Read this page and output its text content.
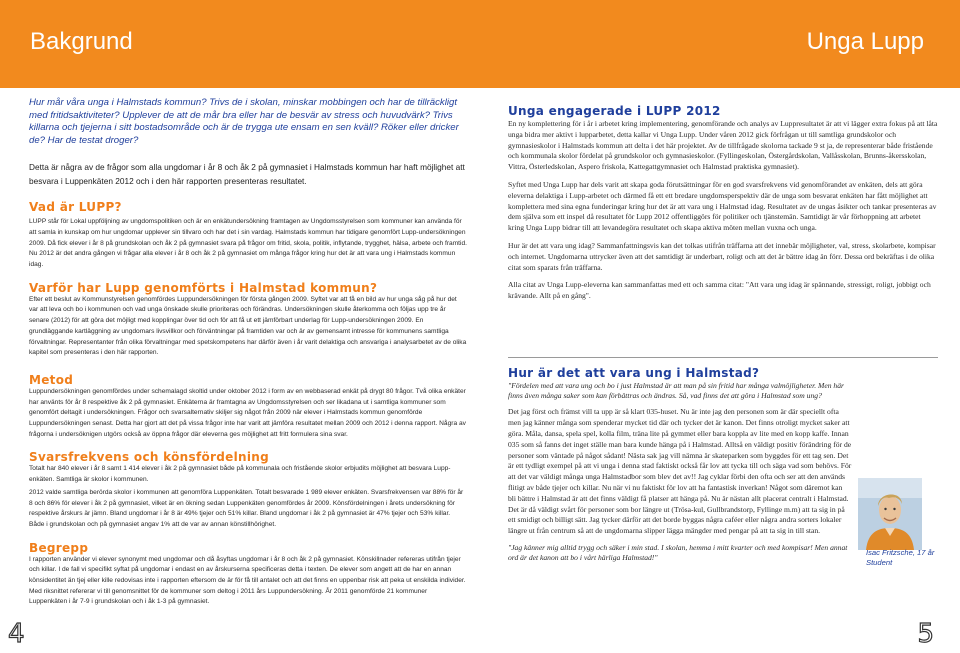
Bakgrund	Unga Lupp

Hur mår våra unga i Halmstads kommun? Trivs de i skolan, minskar mobbingen och har de tillräckligt med fritidsaktiviteter? Upplever de att de mår bra eller har de besvär av stress och huvudvärk? Trivs killarna och tjejerna i sitt bostadsområde och är de trygga ute ensam en sen kväll? Röker eller dricker de? Har de testat droger?

Detta är några av de frågor som alla ungdomar i år 8 och åk 2 på gymnasiet i Halmstads kommun har haft möjlighet att besvara i Luppenkäten 2012 och i den här rapporten presenteras resultatet.

Vad är LUPP?

LUPP står för Lokal uppföljning av ungdomspolitiken och är en enkätundersökning framtagen av Ungdomsstyrelsen som kommuner kan använda för att samla in kunskap om hur ungdomar upplever sin tillvaro och har det i sin vardag. Halmstads kommun har tidigare genomfört Lupp-undersökningen 2009. Då fick elever i år 8 på grundskolan och åk 2 på gymnasiet svara på frågor om fritid, skola, politik, inflytande, trygghet, hälsa, arbete och framtid. Nu 2012 är det andra gången vi frågar alla elever i år 8 och åk 2 på gymnasiet om många frågor kring hur det är att vara ung i Halmstads kommun idag.

Varför har Lupp genomförts i Halmstad kommun?

Efter ett beslut av Kommunstyrelsen genomfördes Luppundersökningen för första gången 2009. Syftet var att få en bild av hur unga såg på hur det var att leva och bo i kommunen och vad unga önskade skulle prioriteras och förändras. Undersökningen skulle återkomma och följas upp tre år senare (2012) för att göra det möjligt med kopplingar över tid och för att få ut ett jämförbart underlag för Lupp-undersökningen 2009. En grundläggande kartläggning av ungdomars livsvillkor och förväntningar på framtiden var och är av gemensamt intresse för kommunens samtliga förvaltningar. Representanter från olika förvaltningar med spetskompetens har därför även i år varit delaktiga och ansvariga i analysarbetet av de olika kapitel som presenteras i den här rapporten.

Metod

Luppundersökningen genomfördes under schemalagd skoltid under oktober 2012 i form av en webbaserad enkät på drygt 80 frågor. Två olika enkäter har använts för år 8 respektive åk 2 på gymnasiet. Enkäterna är framtagna av Ungdomsstyrelsen och ser likadana ut i samtliga kommuner som genomfört deltagit i undersökningen. Frågor och svarsalternativ skiljer sig något från 2009 när elever i Halmstads kommun genomförde Luppundersökningen senast. Detta har gjort att det på vissa frågor inte har varit att jämföra resultatet mellan 2009 och 2012 i denna rapport. Några av frågorna i undersöknigen utgörs också av öppna frågor där eleverna ges möjlighet att fritt formulera sina svar.

Svarsfrekvens och könsfördelning

Totalt har 840 elever i år 8 samt 1 414 elever i åk 2 på gymnasiet både på kommunala och fristående skolor erbjudits möjlighet att besvara Lupp-enkäten. Samtliga är skolor i kommunen.

2012 valde samtliga berörda skolor i kommunen att genomföra Luppenkäten. Totalt besvarade 1 989 elever enkäten. Svarsfrekvensen var 88% för år 8 och 86% för elever i åk 2 på gymnasiet, vilket är en ökning sedan Luppenkäten genomfördes år 2009. Könsfördelningen i årets undersökning för respektive årskurs är jämn. Bland ungdomar i år 8 är 49% tjejer och 51% killar. Bland ungdomar i åk 2 på gymnasiet är 47% tjejer och 53% killar. Både i grundskolan och på gymnasiet angav 1% att de var av annan könstillhörighet.

Begrepp

I rapporten använder vi elever synonymt med ungdomar och då åsyftas ungdomar i år 8 och åk 2 på gymnasiet. Könskillnader refereras utifrån tjejer och killar. I de fall vi specifikt syftat på ungdomar i endast en av årskurserna specificeras detta i texten. De elever som angett att de har en annan könsidentitet än tjej eller kille redovisas inte i rapporten eftersom de är för få till antalet och att det finns en uppenbar risk att peka ut enskilda individer. Med riksnittet refererar vi till genomsnittet för de kommuner som deltog i 2011 års Luppundersökning. År 2011 genomförde 21 kommuner Luppenkäten i år 7-9 i grundskolan och i åk 1-3 på gymnasiet.

Unga engagerade i LUPP 2012

En ny komplettering för i år i arbetet kring implementering, genomförande och analys av Luppresultatet är att vi lägger extra fokus på att låta unga bidra mer aktivt i lupparbetet, detta kallar vi Unga Lupp. Under våren 2012 gick förfrågan ut till samtliga grundskolor och gymnasieskolor i Halmstads kommun att delta i det här projektet. Av de tillfrågade skolorna tackade 9 st ja, de representerar både fristående och kommunala skolor fördelat på grundskolor och gymnasieskolor. (Fyllingeskolan, Östergårdskolan, Vallåsskolan, Brunns-åkersskolan, Vittra, Österledskolan, Aspero friskola, Kattegattgymnasiet och Halmstad praktiska gymnasiet).

Syftet med Unga Lupp har dels varit att skapa goda förutsättningar för en god svarsfrekvens vid genomförandet av enkäten, dels att göra eleverna delaktiga i Lupp-arbetet och därmed få ett ett bredare ungdomsperspektiv där de unga som besvarat enkäten har fått möjlighet att komplettera med sina egna funderingar kring hur det är att vara ung i Halmstad idag. Resultatet av de ungas åsikter och tankar presenteras av dem själva som ett inspel då resultatet för Lupp 2012 offentliggörs för politiker och tjänstemän. Samtidigt är vår förhoppning att arbetet kring Unga Lupp bidrar till att levandegöra resultatet och skapa aktiva möten mellan vuxna och unga.

Hur är det att vara ung idag? Sammanfattningsvis kan det tolkas utifrån träffarna att det innebär möjligheter, val, stress, skolarbete, kompisar och internet. Ungdomarna uttrycker även att det samtidigt är underbart, roligt och att det är bättre idag än förr. Dessa ord bekräftas i de olika citat som sparats från träffarna.

Alla citat av Unga Lupp-eleverna kan sammanfattas med ett och samma citat: "Att vara ung idag är spännande, stressigt, roligt, jobbigt och krävande. Allt på en gång".

Hur är det att vara ung i Halmstad?

"Fördelen med att vara ung och bo i just Halmstad är att man på sin fritid har många valmöjligheter. Men här finns även många saker som kan förbättras och ändras. Så, vad finns det att göra i Halmstad som ung?

Det jag först och främst vill ta upp är så klart 035-huset. Nu är inte jag den personen som är där speciellt ofta men jag känner många som spenderar mycket tid där och tycker det är kanon. Det finns otroligt mycket saker att göra. Måla, dansa, spela spel, kolla film, träna lite på gymmet eller bara koppla av lite med en kopp kaffe. Innan 035 som så fanns det inget ställe man bara kunde hänga på i Halmstad. Alltså en väldigt positiv förändring för de personer som väntade på något sådant! Nästa sak jag vill nämna är skateparken som byggdes för ett tag sen. Det är ett tydligt exempel på att vi unga i denna stad faktiskt också får lov att tycka till och säga vad som behövs. För att det var väldigt många unga Halmstadbor som blev det av!! Jag cyklar förbi den ofta och ser att den används flitigt av både tjejer och killar. Nu när vi nu faktiskt för lov att ha fantastisk inverkan! Något som däremot kan bli bättre i Halmstad är att det finns väldigt få platser att hänga på. Nu är nästan allt placerat centralt i Halmstad. Det är då väldigt svårt för personer som bor längre ut (Trösa-kul, Gullbrandstorp, Fyllinge m.m) att ta sig in på ett smidigt och billigt sätt. Jag tycker därför att det borde byggas några caféer eller några andra sorters lokaler längre ut från centrum så att de ungdomarna slipper lägga mängder med pengar på att ta sig in till stan.

"Jag känner mig alltid trygg och säker i min stad. I skolan, hemma i mitt kvarter och med kompisar! Men annat ord är det kanon att bo i vårt härliga Halmstad!"

Isac Fritzsche, 17 år Student
4	5
